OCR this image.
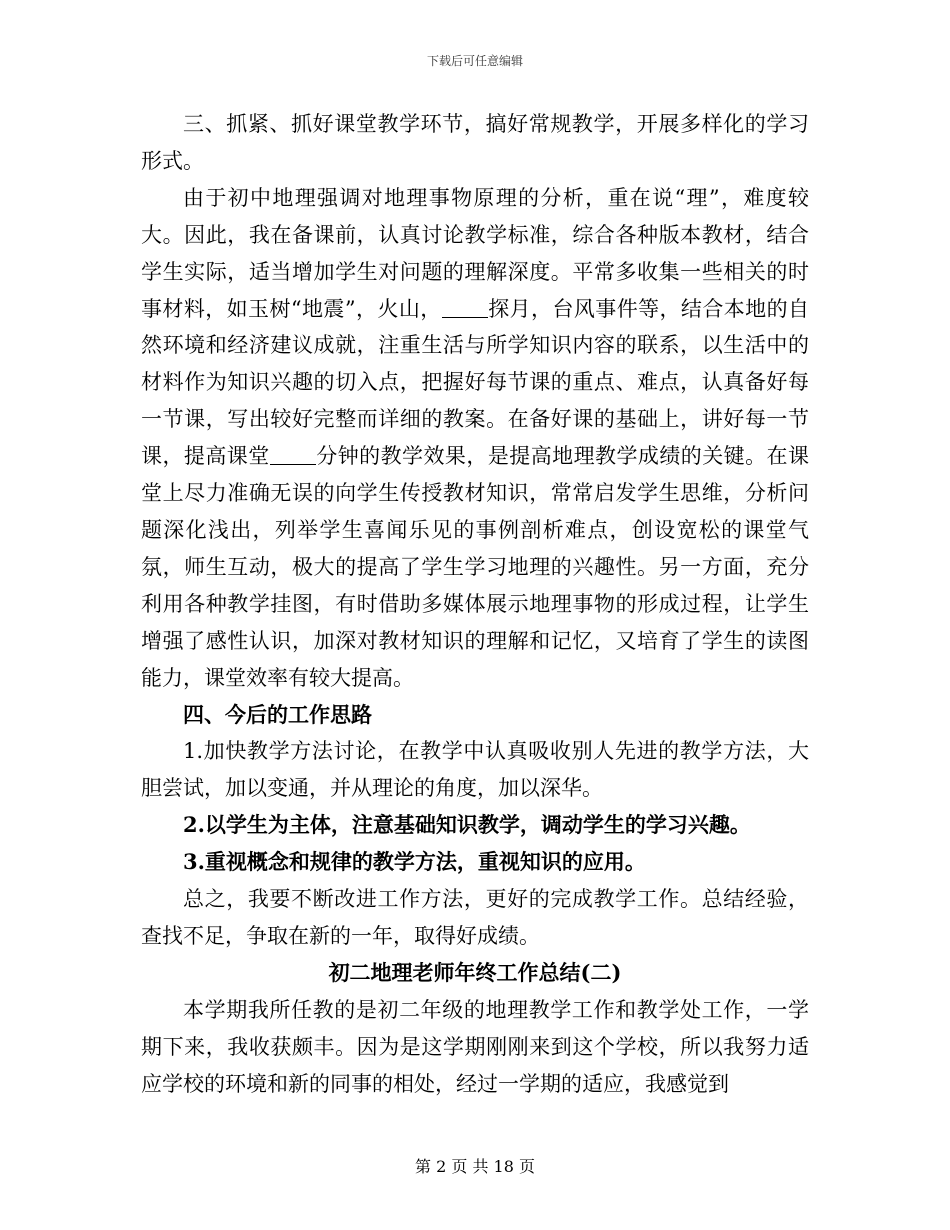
下载后可任意编辑

三、抓紧、抓好课堂教学环节，搞好常规教学，开展多样化的学习形式。

由于初中地理强调对地理事物原理的分析，重在说“理”，难度较大。因此，我在备课前，认真讨论教学标准，综合各种版本教材，结合学生实际，适当增加学生对问题的理解深度。平常多收集一些相关的时事材料，如玉树“地震”，火山， 探月，台风事件等，结合本地的自然环境和经济建议成就，注重生活与所学知识内容的联系，以生活中的材料作为知识兴趣的切入点，把握好每节课的重点、难点，认真备好每一节课，写出较好完整而详细的教案。在备好课的基础上，讲好每一节课，提高课堂 分钟的教学效果，是提高地理教学成绩的关键。在课堂上尽力准确无误的向学生传授教材知识，常常启发学生思维，分析问题深化浅出，列举学生喜闻乐见的事例剖析难点，创设宽松的课堂气氛，师生互动，极大的提高了学生学习地理的兴趣性。另一方面，充分利用各种教学挂图，有时借助多媒体展示地理事物的形成过程，让学生增强了感性认识，加深对教材知识的理解和记忆，又培育了学生的读图能力，课堂效率有较大提高。

四、今后的工作思路

1.加快教学方法讨论，在教学中认真吸收别人先进的教学方法，大胆尝试，加以变通，并从理论的角度，加以深华。

2.以学生为主体，注意基础知识教学，调动学生的学习兴趣。

3.重视概念和规律的教学方法，重视知识的应用。

总之，我要不断改进工作方法，更好的完成教学工作。总结经验，查找不足，争取在新的一年，取得好成绩。

初二地理老师年终工作总结(二)

本学期我所任教的是初二年级的地理教学工作和教学处工作，一学期下来，我收获颇丰。因为是这学期刚刚来到这个学校，所以我努力适应学校的环境和新的同事的相处，经过一学期的适应，我感觉到

第 2 页 共 18 页
